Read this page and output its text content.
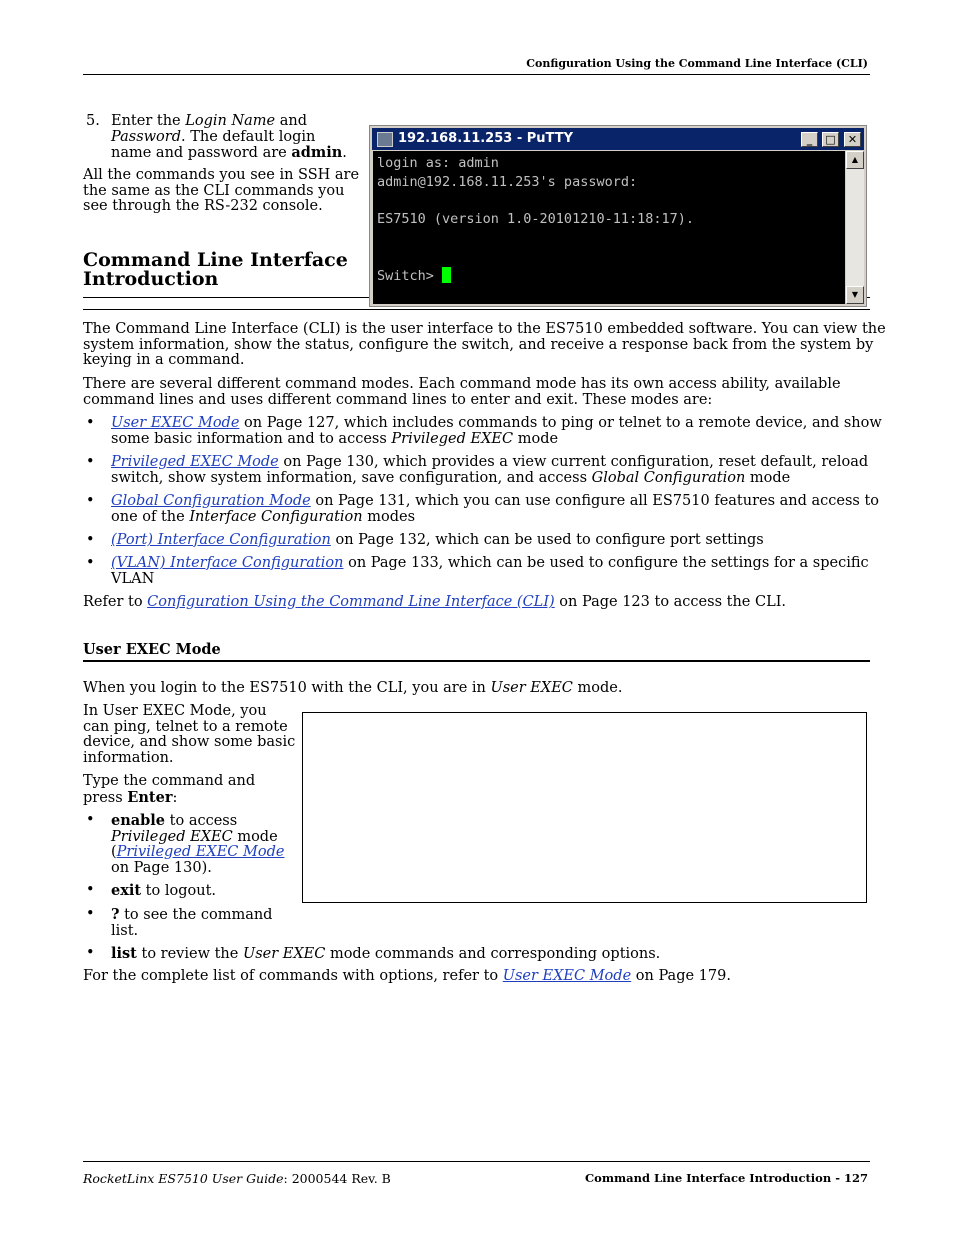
Configuration Using the Command Line Interface (CLI)
5. Enter the Login Name and
Password. The default login
name and password are admin.
All the commands you see in SSH are
the same as the CLI commands you
see through the RS-232 console.
Command Line Interface
Introduction
192.168.11.253 - PuTTY	_	□	✕
login as: admin
admin@192.168.11.253's password:
ES7510 (version 1.0-20101210-11:18:17).
Switch>
▲
▼
The Command Line Interface (CLI) is the user interface to the ES7510 embedded software. You can view the
system information, show the status, configure the switch, and receive a response back from the system by
keying in a command.
There are several different command modes. Each command mode has its own access ability, available
command lines and uses different command lines to enter and exit. These modes are:
• User EXEC Mode on Page 127, which includes commands to ping or telnet to a remote device, and show
some basic information and to access Privileged EXEC mode
• Privileged EXEC Mode on Page 130, which provides a view current configuration, reset default, reload
switch, show system information, save configuration, and access Global Configuration mode
• Global Configuration Mode on Page 131, which you can use configure all ES7510 features and access to
one of the Interface Configuration modes
• (Port) Interface Configuration on Page 132, which can be used to configure port settings
• (VLAN) Interface Configuration on Page 133, which can be used to configure the settings for a specific
VLAN
Refer to Configuration Using the Command Line Interface (CLI) on Page 123 to access the CLI.
User EXEC Mode
When you login to the ES7510 with the CLI, you are in User EXEC mode.
In User EXEC Mode, you
can ping, telnet to a remote
device, and show some basic
information.
Type the command and
press Enter:
• enable to access
Privileged EXEC mode
(Privileged EXEC Mode
on Page 130).
• exit to logout.
• ? to see the command
list.
• list to review the User EXEC mode commands and corresponding options.
For the complete list of commands with options, refer to User EXEC Mode on Page 179.
RocketLinx ES7510 User Guide: 2000544 Rev. B	Command Line Interface Introduction - 127
